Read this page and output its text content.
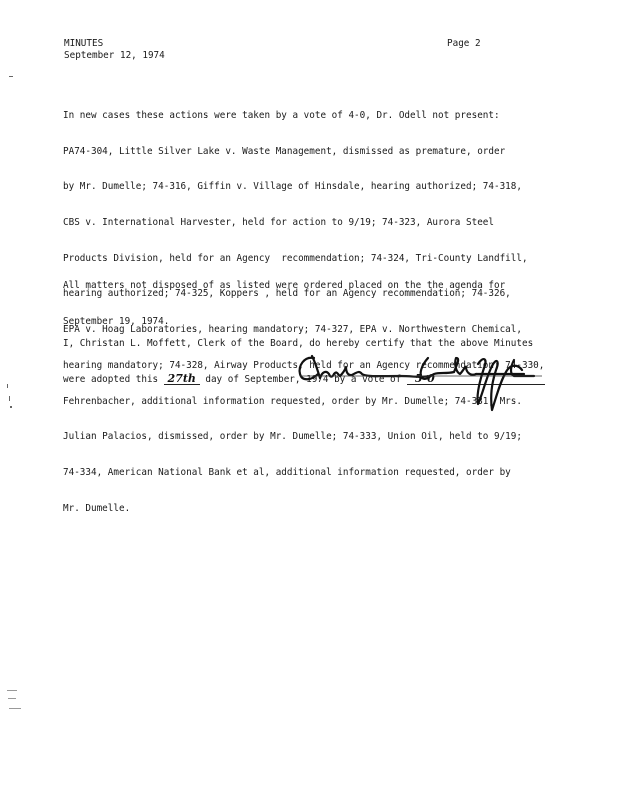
MINUTES
September 12, 1974
Page 2

In new cases these actions were taken by a vote of 4-0, Dr. Odell not present:

PA74-304, Little Silver Lake v. Waste Management, dismissed as premature, order

by Mr. Dumelle; 74-316, Giffin v. Village of Hinsdale, hearing authorized; 74-318,

CBS v. International Harvester, held for action to 9/19; 74-323, Aurora Steel

Products Division, held for an Agency  recommendation; 74-324, Tri-County Landfill,

hearing authorized; 74-325, Koppers , held for an Agency recommendation; 74-326,

EPA v. Hoag Laboratories, hearing mandatory; 74-327, EPA v. Northwestern Chemical,

hearing mandatory; 74-328, Airway Products, held for an Agency recommendation; 74-330,

Fehrenbacher, additional information requested, order by Mr. Dumelle; 74-331, Mrs.

Julian Palacios, dismissed, order by Mr. Dumelle; 74-333, Union Oil, held to 9/19;

74-334, American National Bank et al, additional information requested, order by

Mr. Dumelle.

All matters not disposed of as listed were ordered placed on the the agenda for

September 19, 1974.

I, Christan L. Moffett, Clerk of the Board, do hereby certify that the above Minutes

were adopted this 27th day of September, 1974 by a vote of 5-0
